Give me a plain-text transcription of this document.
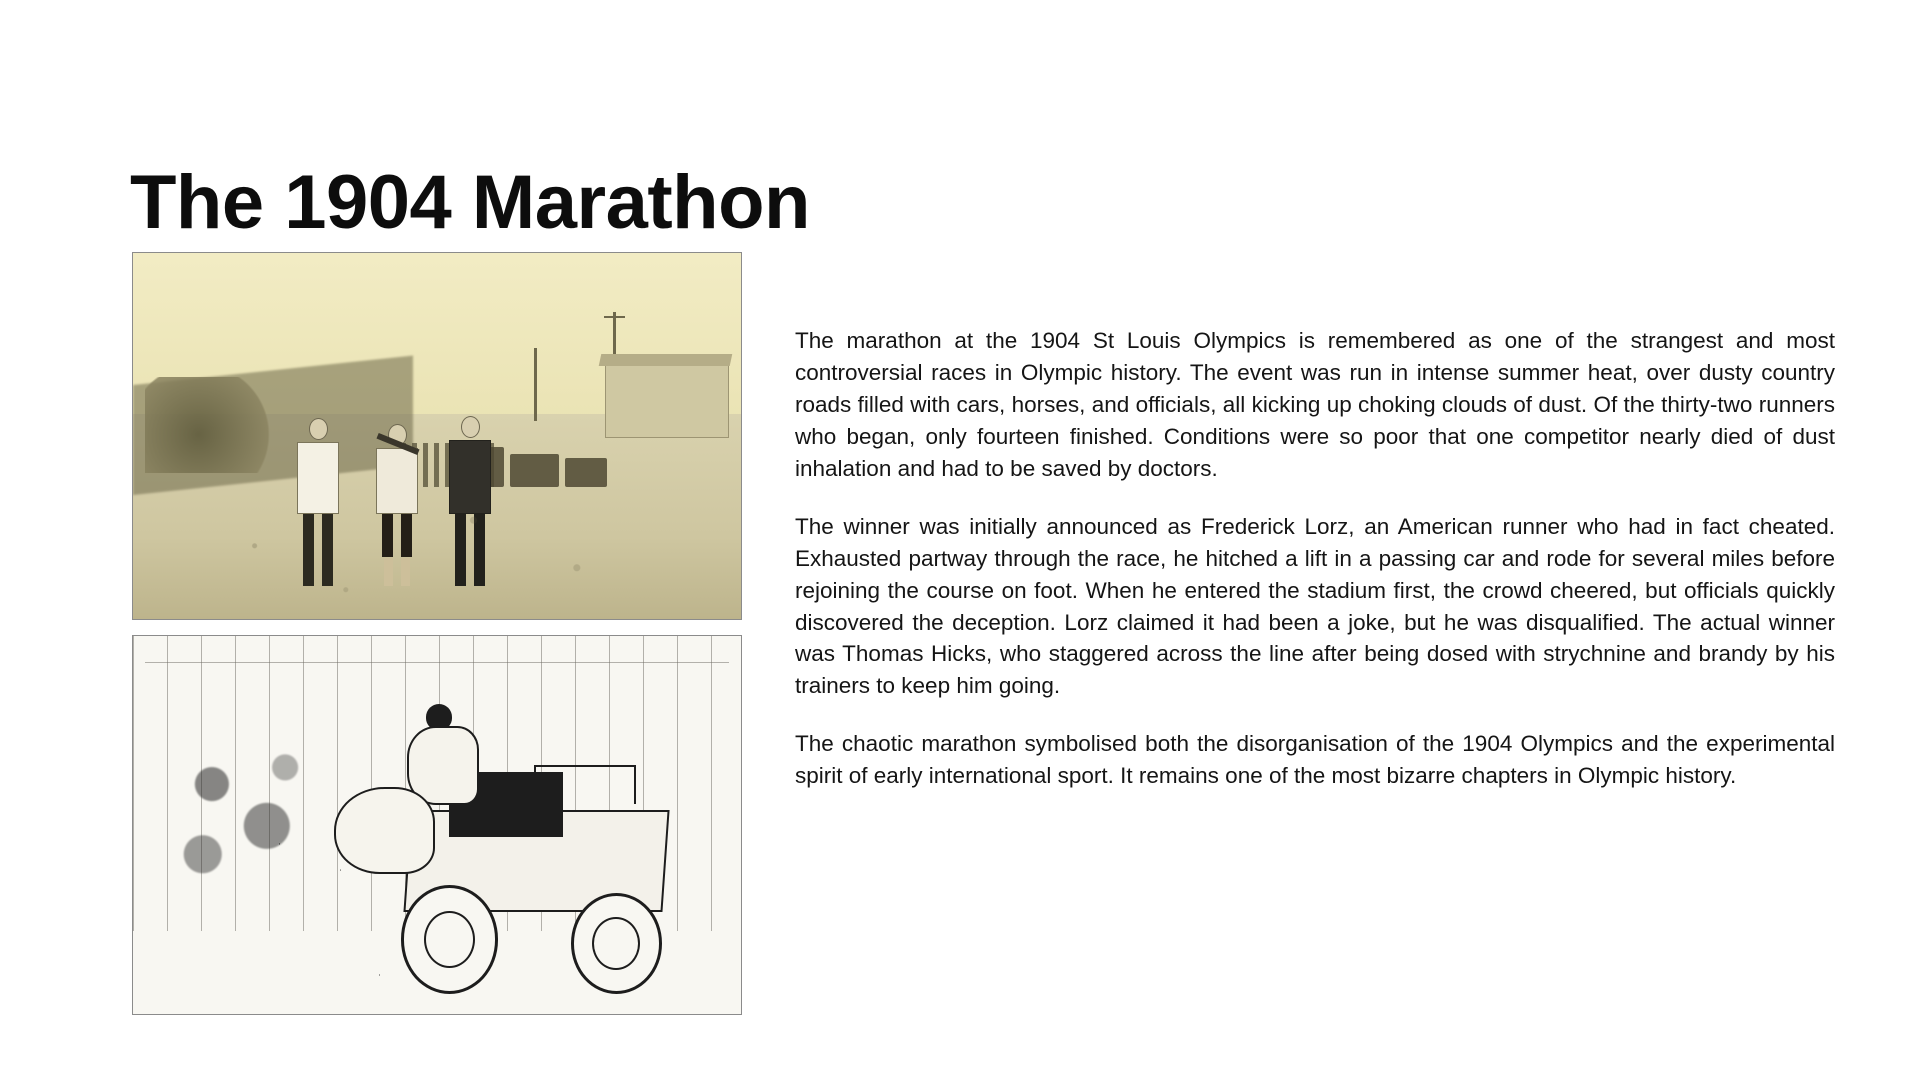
The 1904 Marathon

The marathon at the 1904 St Louis Olympics is remembered as one of the strangest and most controversial races in Olympic history. The event was run in intense summer heat, over dusty country roads filled with cars, horses, and officials, all kicking up choking clouds of dust. Of the thirty-two runners who began, only fourteen finished. Conditions were so poor that one competitor nearly died of dust inhalation and had to be saved by doctors.

The winner was initially announced as Frederick Lorz, an American runner who had in fact cheated. Exhausted partway through the race, he hitched a lift in a passing car and rode for several miles before rejoining the course on foot. When he entered the stadium first, the crowd cheered, but officials quickly discovered the deception. Lorz claimed it had been a joke, but he was disqualified. The actual winner was Thomas Hicks, who staggered across the line after being dosed with strychnine and brandy by his trainers to keep him going.

The chaotic marathon symbolised both the disorganisation of the 1904 Olympics and the experimental spirit of early international sport. It remains one of the most bizarre chapters in Olympic history.
